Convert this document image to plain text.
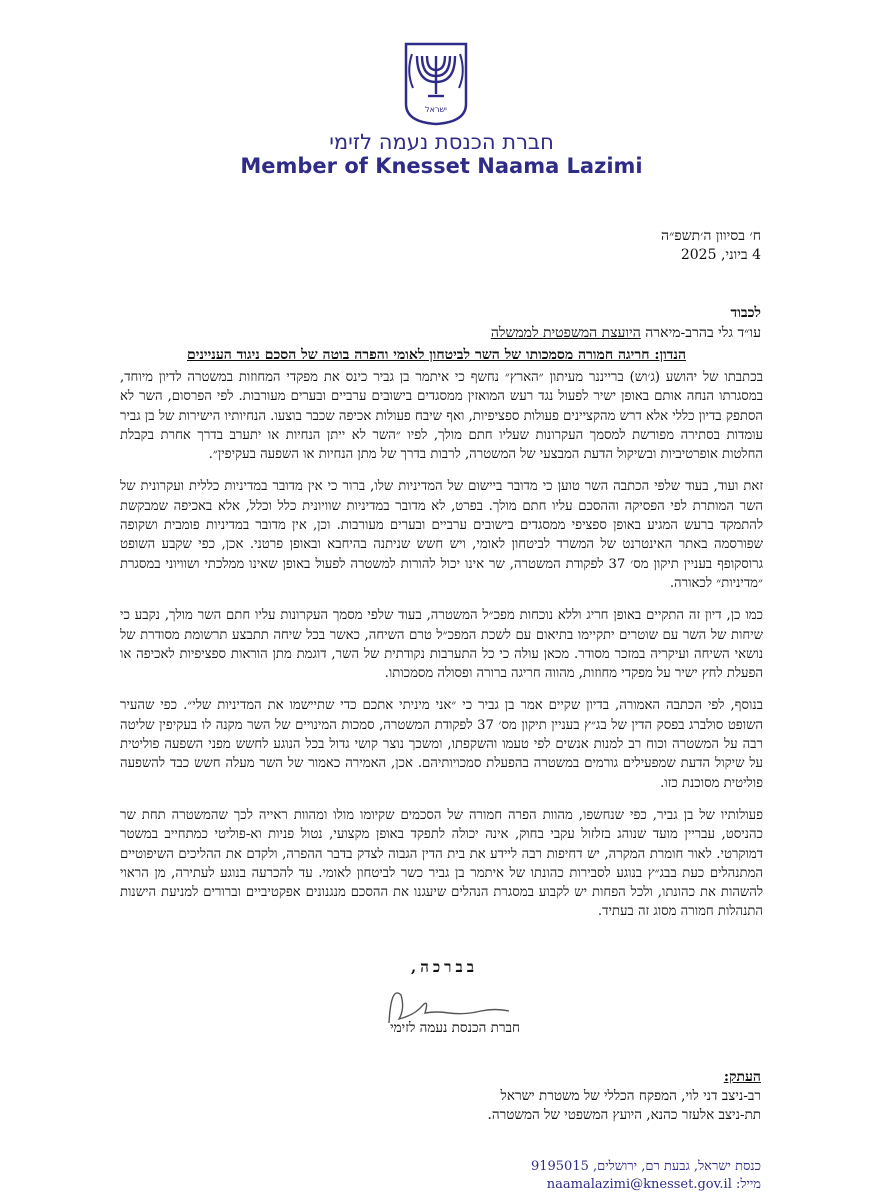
ישראל
חברת הכנסת נעמה לזימי
Member of Knesset Naama Lazimi
ח׳ בסיוון ה׳תשפ״ה
4 ביוני, 2025
לכבוד
עו״ד גלי בהרב-מיארה היועצת המשפטית לממשלה
הנדון: חריגה חמורה מסמכותו של השר לביטחון לאומי והפרה בוטה של הסכם ניגוד העניינים

בכתבתו של יהושע (ג׳וש) ברייננר מעיתון ״הארץ״ נחשף כי איתמר בן גביר כינס את מפקדי המחוזות במשטרה לדיון מיוחד, במסגרתו הנחה אותם באופן ישיר לפעול נגד רעש המואזין ממסגדים בישובים ערביים ובערים מעורבות. לפי הפרסום, השר לא הסתפק בדיון כללי אלא דרש מהקציינים פעולות ספציפיות, ואף שיבח פעולות אכיפה שכבר בוצעו. הנחיותיו הישירות של בן גביר עומדות בסתירה מפורשת למסמך העקרונות שעליו חתם מולך, לפיו ״השר לא ייתן הנחיות או יתערב בדרך אחרת בקבלת החלטות אופרטיביות ובשיקול הדעת המבצעי של המשטרה, לרבות בדרך של מתן הנחיות או השפעה בעקיפין״.

זאת ועוד, בעוד שלפי הכתבה השר טוען כי מדובר ביישום של המדיניות שלו, ברור כי אין מדובר במדיניות כללית ועקרונית של השר המותרת לפי הפסיקה וההסכם עליו חתם מולך. בפרט, לא מדובר במדיניות שוויונית כלל וכלל, אלא באכיפה שמבקשת להתמקד ברעש המגיע באופן ספציפי ממסגדים בישובים ערביים ובערים מעורבות. וכן, אין מדובר במדיניות פומבית ושקופה שפורסמה באתר האינטרנט של המשרד לביטחון לאומי, ויש חשש שניתנה בהיחבא ובאופן פרטני. אכן, כפי שקבע השופט גרוסקופף בעניין תיקון מס׳ 37 לפקודת המשטרה, שר אינו יכול להורות למשטרה לפעול באופן שאינו ממלכתי ושוויוני במסגרת ״מדיניות״ לכאורה.

כמו כן, דיון זה התקיים באופן חריג וללא נוכחות מפכ״ל המשטרה, בעוד שלפי מסמך העקרונות עליו חתם השר מולך, נקבע כי שיחות של השר עם שוטרים יתקיימו בתיאום עם לשכת המפכ״ל טרם השיחה, כאשר בכל שיחה תתבצע תרשומת מסודרת של נושאי השיחה ועיקריה במזכר מסודר. מכאן עולה כי כל התערבות נקודתית של השר, דוגמת מתן הוראות ספציפיות לאכיפה או הפעלת לחץ ישיר על מפקדי מחוזות, מהווה חריגה ברורה ופסולה מסמכותו.

בנוסף, לפי הכתבה האמורה, בדיון שקיים אמר בן גביר כי ״אני מיניתי אתכם כדי שתיישמו את המדיניות שלי״. כפי שהעיר השופט סולברג בפסק הדין של בג״ץ בעניין תיקון מס׳ 37 לפקודת המשטרה, סמכות המינויים של השר מקנה לו בעקיפין שליטה רבה על המשטרה וכוח רב למנות אנשים לפי טעמו והשקפתו, ומשכך נוצר קושי גדול בכל הנוגע לחשש מפני השפעה פוליטית על שיקול הדעת שמפעילים גורמים במשטרה בהפעלת סמכויותיהם. אכן, האמירה כאמור של השר מעלה חשש כבד להשפעה פוליטית מסוכנת כזו.

פעולותיו של בן גביר, כפי שנחשפו, מהוות הפרה חמורה של הסכמים שקיומו מולו ומהוות ראייה לכך שהמשטרה תחת שר כהניסט, עבריין מועד שנוהג בזלזול עקבי בחוק, אינה יכולה לתפקד באופן מקצועי, נטול פניות וא-פוליטי כמתחייב במשטר דמוקרטי. לאור חומרת המקרה, יש דחיפות רבה ליידע את בית הדין הגבוה לצדק בדבר ההפרה, ולקדם את ההליכים השיפוטיים המתנהלים כעת בבג״ץ בנוגע לסבירות כהונתו של איתמר בן גביר כשר לביטחון לאומי. עד להכרעה בנוגע לעתירה, מן הראוי להשהות את כהונתו, ולכל הפחות יש לקבוע במסגרת הנהלים שיעגנו את ההסכם מנגנונים אפקטיביים וברורים למניעת הישנות התנהלות חמורה מסוג זה בעתיד.

בברכה,
חברת הכנסת נעמה לזימי
העתק:
רב-ניצב דני לוי, המפקח הכללי של משטרת ישראל
תת-ניצב אלעזר כהנא, היועץ המשפטי של המשטרה.
כנסת ישראל, גבעת רם, ירושלים, 9195015
מייל: naamalazimi@knesset.gov.il
